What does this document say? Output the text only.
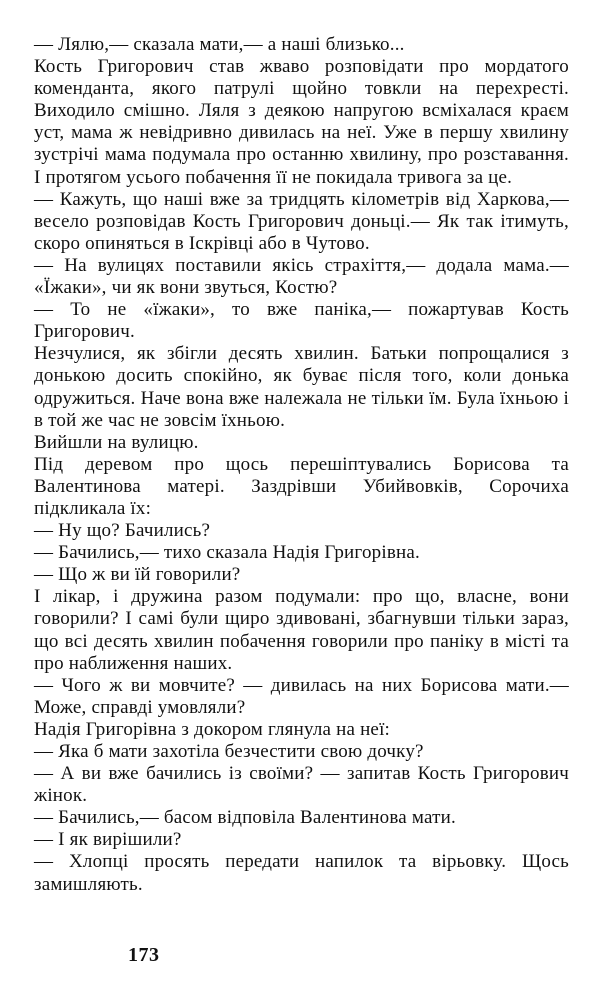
— Лялю,— сказала мати,— а наші близько...

Кость Григорович став жваво розповідати про мордатого коменданта, якого патрулі щойно товкли на перехресті. Виходило смішно. Ляля з деякою напругою всміхалася краєм уст, мама ж невідривно дивилась на неї. Уже в першу хвилину зустрічі мама подумала про останню хвилину, про розставання. І протягом усього побачення її не покидала тривога за це.

— Кажуть, що наші вже за тридцять кілометрів від Харкова,— весело розповідав Кость Григорович доньці.— Як так ітимуть, скоро опиняться в Іскрівці або в Чутово.

— На вулицях поставили якісь страхіття,— додала мама.— «Їжаки», чи як вони звуться, Костю?

— То не «їжаки», то вже паніка,— пожартував Кость Григорович.

Незчулися, як збігли десять хвилин. Батьки попрощалися з донькою досить спокійно, як буває після того, коли донька одружиться. Наче вона вже належала не тільки їм. Була їхньою і в той же час не зовсім їхньою.

Вийшли на вулицю.

Під деревом про щось перешіптувались Борисова та Валентинова матері. Заздрівши Убийвовків, Сорочиха підкликала їх:

— Ну що? Бачились?

— Бачились,— тихо сказала Надія Григорівна.

— Що ж ви їй говорили?

І лікар, і дружина разом подумали: про що, власне, вони говорили? І самі були щиро здивовані, збагнувши тільки зараз, що всі десять хвилин побачення говорили про паніку в місті та про наближення наших.

— Чого ж ви мовчите? — дивилась на них Борисова мати.— Може, справді умовляли?

Надія Григорівна з докором глянула на неї:

— Яка б мати захотіла безчестити свою дочку?

— А ви вже бачились із своїми? — запитав Кость Григорович жінок.

— Бачились,— басом відповіла Валентинова мати.

— І як вирішили?

— Хлопці просять передати напилок та вірьовку. Щось замишляють.

173
